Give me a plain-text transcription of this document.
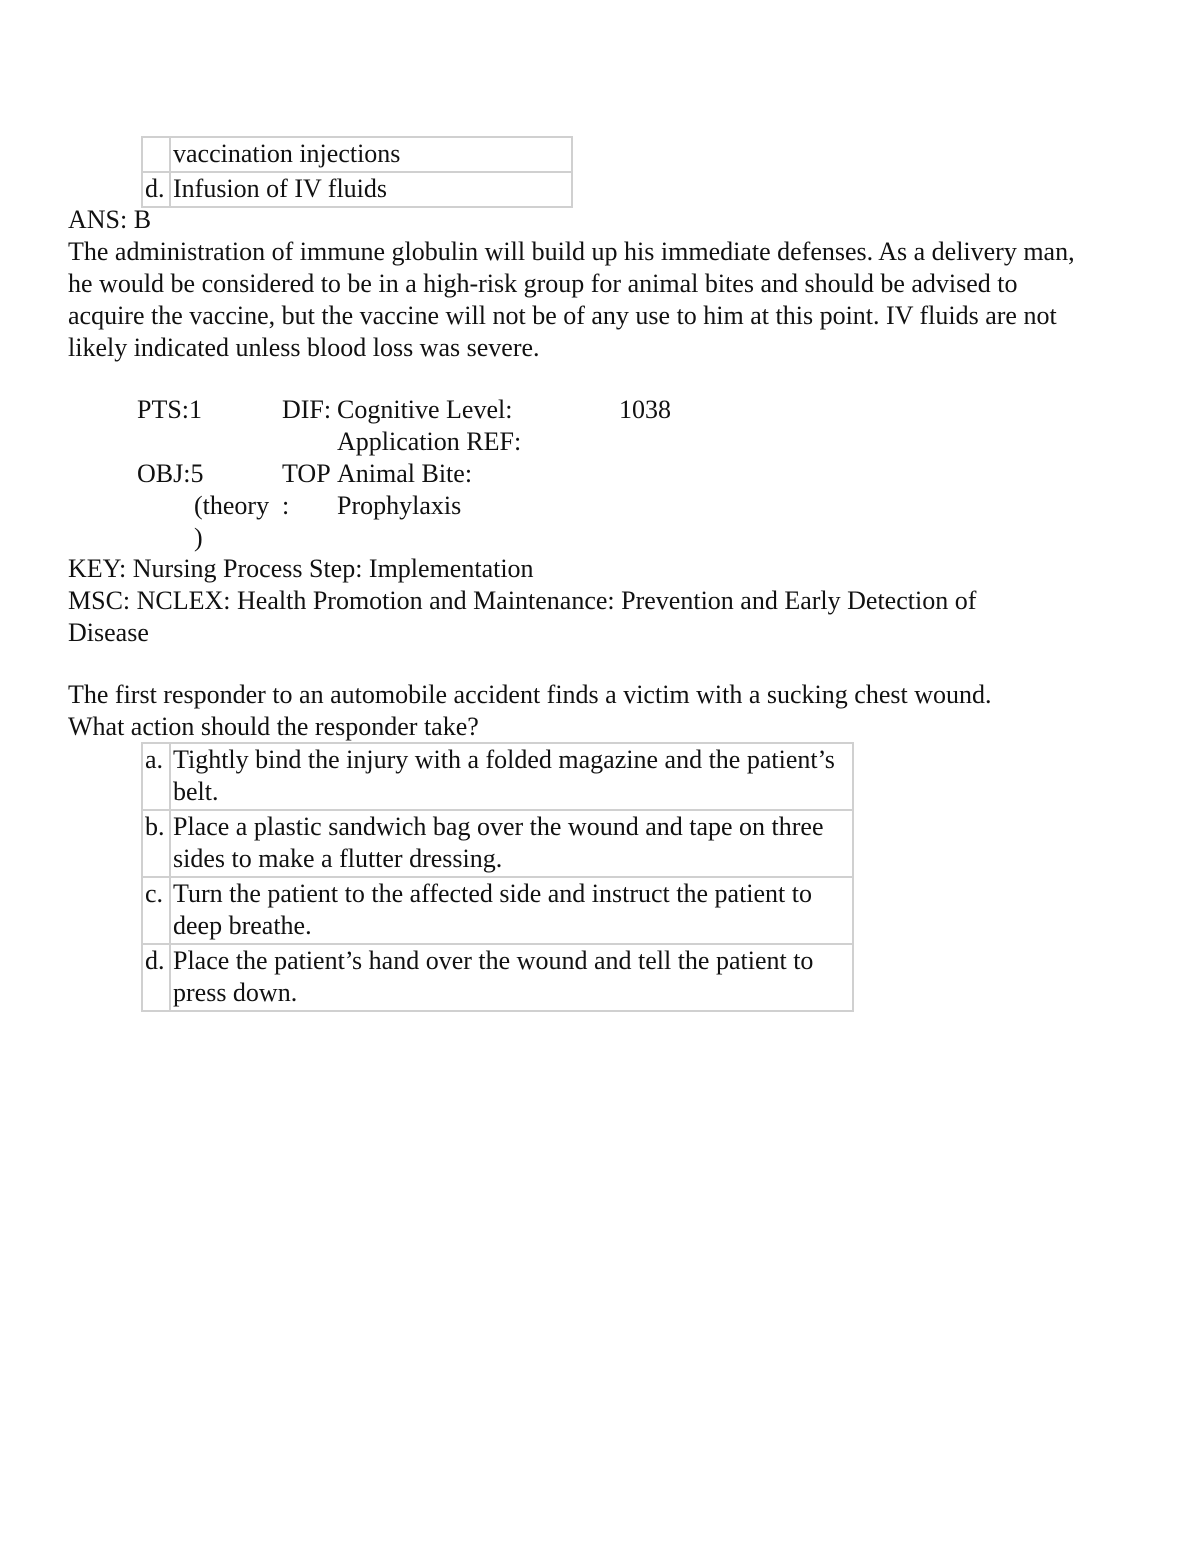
	vaccination injections
d.	Infusion of IV fluids
ANS: B
The administration of immune globulin will build up his immediate defenses. As a delivery man, he would be considered to be in a high-risk group for animal bites and should be advised to acquire the vaccine, but the vaccine will not be of any use to him at this point. IV fluids are not likely indicated unless blood loss was severe.
PTS:1	DIF: Cognitive Level:	1038
Application REF:
OBJ:5	TOP Animal Bite:
(theory : Prophylaxis
)
KEY: Nursing Process Step: Implementation
MSC: NCLEX: Health Promotion and Maintenance: Prevention and Early Detection of Disease
The first responder to an automobile accident finds a victim with a sucking chest wound. What action should the responder take?
a.	Tightly bind the injury with a folded magazine and the patient’s belt.
b.	Place a plastic sandwich bag over the wound and tape on three sides to make a flutter dressing.
c.	Turn the patient to the affected side and instruct the patient to deep breathe.
d.	Place the patient’s hand over the wound and tell the patient to press down.
